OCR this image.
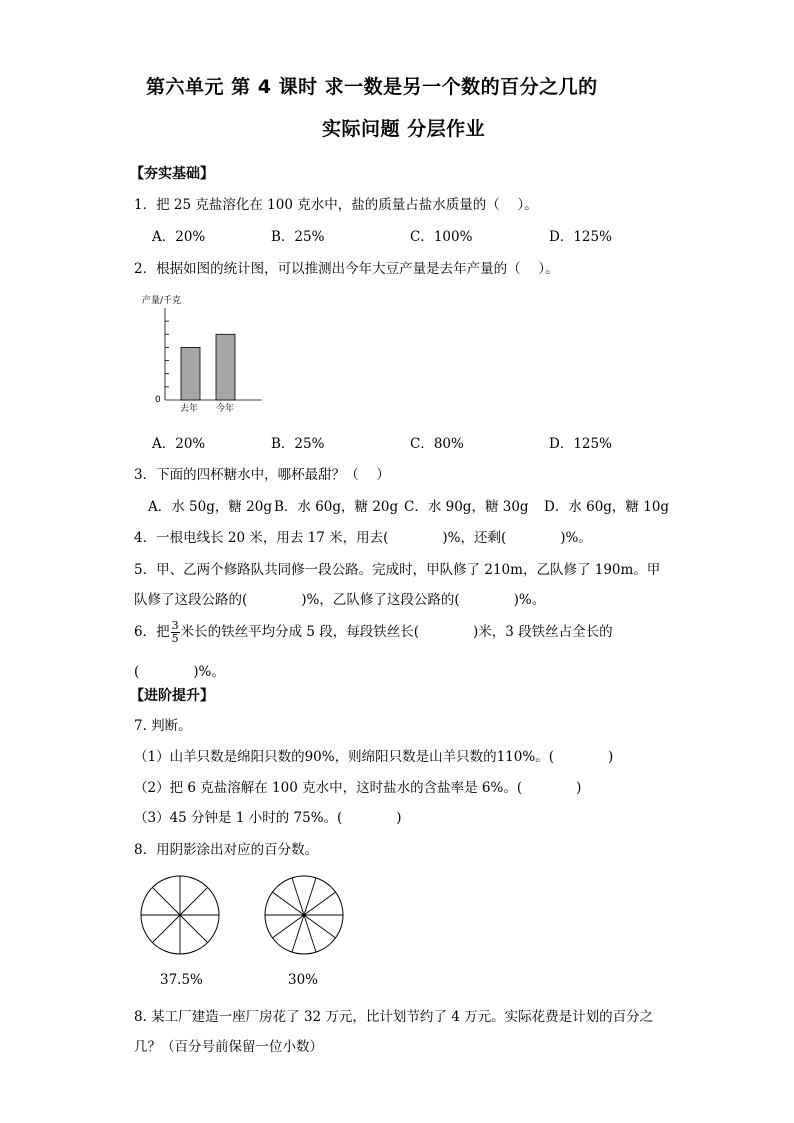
第六单元 第 4 课时 求一数是另一个数的百分之几的
实际问题 分层作业
【夯实基础】
1．把 25 克盐溶化在 100 克水中，盐的质量占盐水质量的（　 ）。
A．20%	B．25%	C．100%	D．125%
2．根据如图的统计图，可以推测出今年大豆产量是去年产量的（　 ）。
产量/千克
0
去年 今年
A．20%	B．25%	C．80%	D．125%
3．下面的四杯糖水中，哪杯最甜？（　 ）
A．水 50g，糖 20g B．水 60g，糖 20g C．水 90g，糖 30g D．水 60g，糖 10g
4．一根电线长 20 米，用去 17 米，用去(　　　　)%，还剩(　　　　)%。
5．甲、乙两个修路队共同修一段公路。完成时，甲队修了 210m，乙队修了 190m。甲
队修了这段公路的(　　　　)%，乙队修了这段公路的(　　　　)%。
6．把 $\frac{3}{5}$ 米长的铁丝平均分成 5 段，每段铁丝长(　　　　)米，3 段铁丝占全长的
(　　　　)%。
【进阶提升】
7. 判断。
（1）山羊只数是绵阳只数的90%，则绵阳只数是山羊只数的110%。(　　　　)
（2）把 6 克盐溶解在 100 克水中，这时盐水的含盐率是 6%。(　　　　)
（3）45 分钟是 1 小时的 75%。(　　　　)
8．用阴影涂出对应的百分数。
37.5%	30%
8. 某工厂建造一座厂房花了 32 万元，比计划节约了 4 万元。实际花费是计划的百分之
几？（百分号前保留一位小数）
